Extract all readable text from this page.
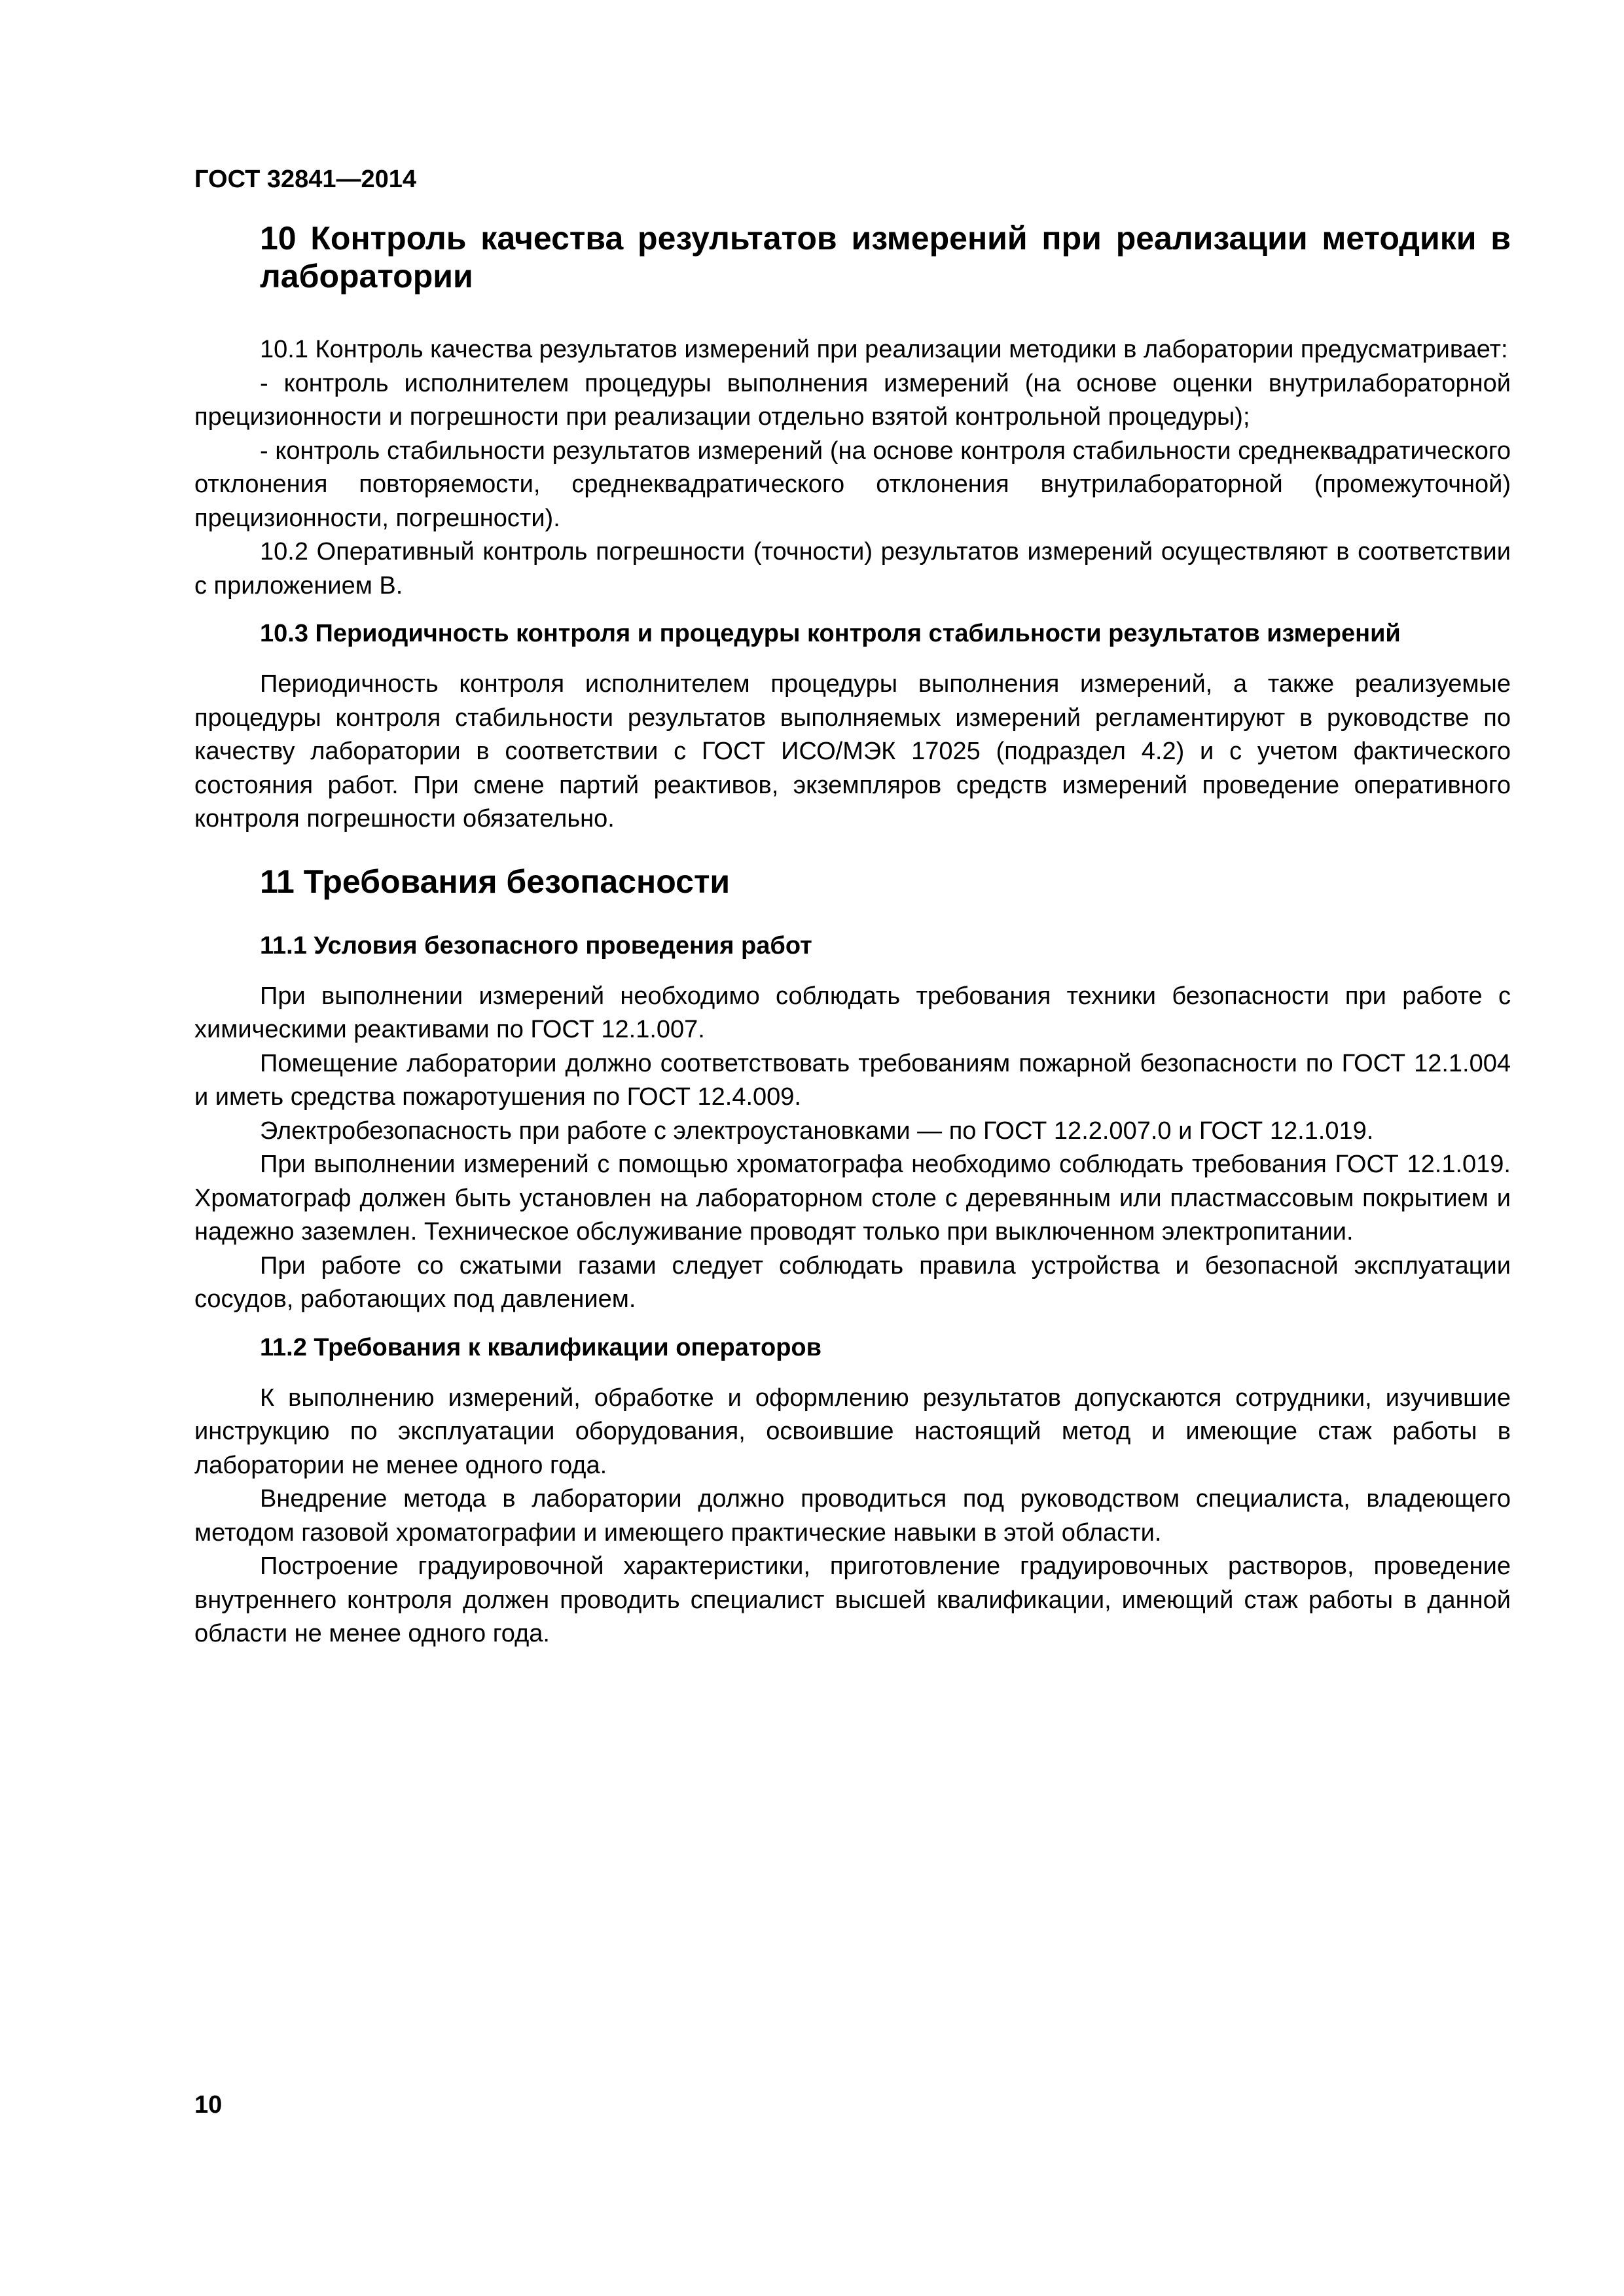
ГОСТ 32841—2014

10 Контроль качества результатов измерений при реализации методики в лаборатории

10.1 Контроль качества результатов измерений при реализации методики в лаборатории предусматривает:

- контроль исполнителем процедуры выполнения измерений (на основе оценки внутрилабораторной прецизионности и погрешности при реализации отдельно взятой контрольной процедуры);

- контроль стабильности результатов измерений (на основе контроля стабильности среднеквадратического отклонения повторяемости, среднеквадратического отклонения внутрилабораторной (промежуточной) прецизионности, погрешности).

10.2 Оперативный контроль погрешности (точности) результатов измерений осуществляют в соответствии с приложением В.

10.3 Периодичность контроля и процедуры контроля стабильности результатов измерений

Периодичность контроля исполнителем процедуры выполнения измерений, а также реализуемые процедуры контроля стабильности результатов выполняемых измерений регламентируют в руководстве по качеству лаборатории в соответствии с ГОСТ ИСО/МЭК 17025 (подраздел 4.2) и с учетом фактического состояния работ. При смене партий реактивов, экземпляров средств измерений проведение оперативного контроля погрешности обязательно.

11 Требования безопасности
11.1 Условия безопасного проведения работ

При выполнении измерений необходимо соблюдать требования техники безопасности при работе с химическими реактивами по ГОСТ 12.1.007.

Помещение лаборатории должно соответствовать требованиям пожарной безопасности по ГОСТ 12.1.004 и иметь средства пожаротушения по ГОСТ 12.4.009.

Электробезопасность при работе с электроустановками — по ГОСТ 12.2.007.0 и ГОСТ 12.1.019.

При выполнении измерений с помощью хроматографа необходимо соблюдать требования ГОСТ 12.1.019. Хроматограф должен быть установлен на лабораторном столе с деревянным или пластмассовым покрытием и надежно заземлен. Техническое обслуживание проводят только при выключенном электропитании.

При работе со сжатыми газами следует соблюдать правила устройства и безопасной эксплуатации сосудов, работающих под давлением.

11.2 Требования к квалификации операторов

К выполнению измерений, обработке и оформлению результатов допускаются сотрудники, изучившие инструкцию по эксплуатации оборудования, освоившие настоящий метод и имеющие стаж работы в лаборатории не менее одного года.

Внедрение метода в лаборатории должно проводиться под руководством специалиста, владеющего методом газовой хроматографии и имеющего практические навыки в этой области.

Построение градуировочной характеристики, приготовление градуировочных растворов, проведение внутреннего контроля должен проводить специалист высшей квалификации, имеющий стаж работы в данной области не менее одного года.

10
